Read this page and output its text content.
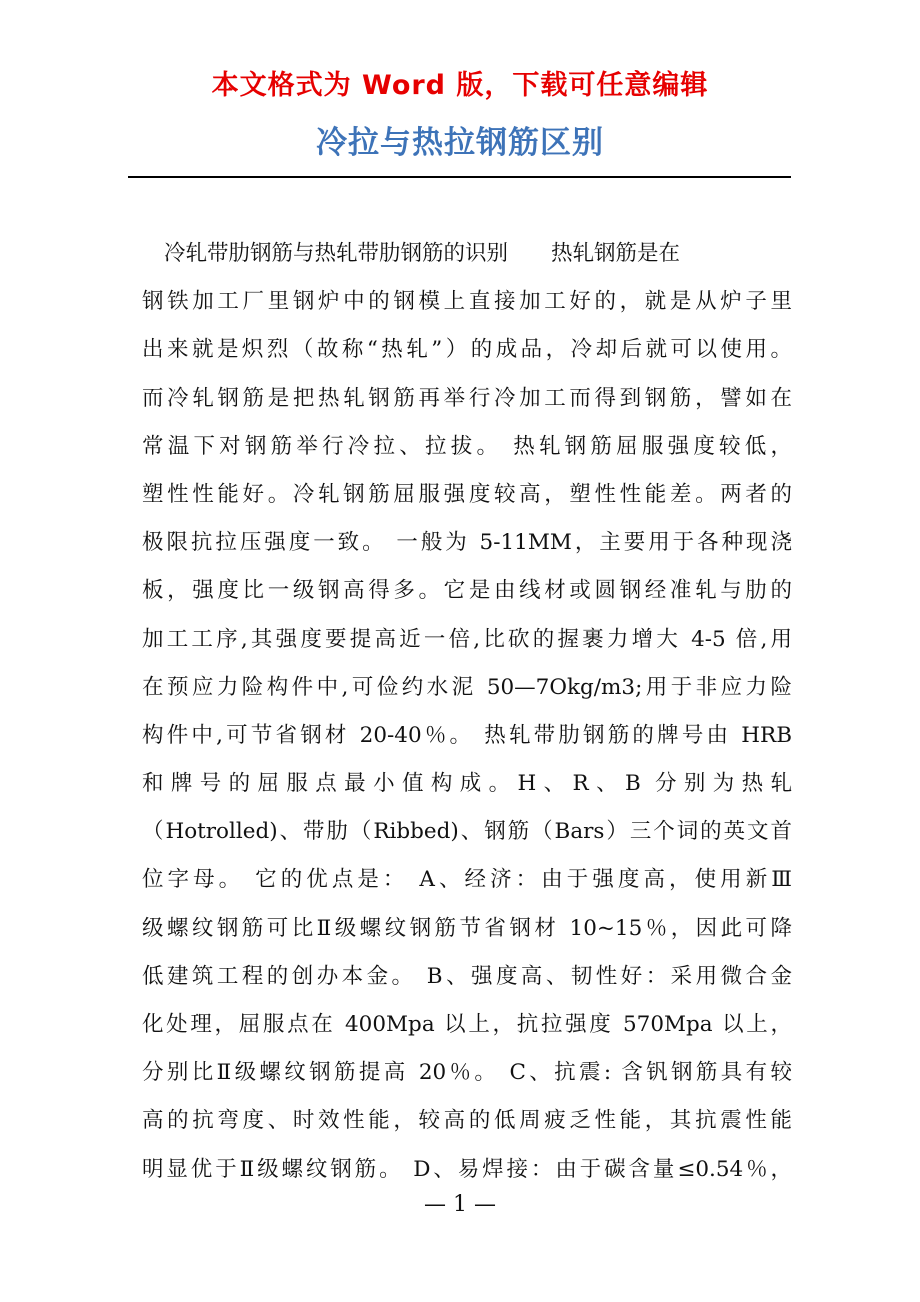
本文格式为 Word 版，下载可任意编辑
冷拉与热拉钢筋区别
冷轧带肋钢筋与热轧带肋钢筋的识别　　热轧钢筋是在
钢铁加工厂里钢炉中的钢模上直接加工好的，就是从炉子里
出来就是炽烈（故称“热轧”）的成品，冷却后就可以使用。
而冷轧钢筋是把热轧钢筋再举行冷加工而得到钢筋，譬如在
常温下对钢筋举行冷拉、拉拔。 热轧钢筋屈服强度较低，
塑性性能好。冷轧钢筋屈服强度较高，塑性性能差。两者的
极限抗拉压强度一致。 一般为 5-11MM，主要用于各种现浇
板，强度比一级钢高得多。它是由线材或圆钢经准轧与肋的
加工工序,其强度要提高近一倍,比砍的握裹力增大 4-5 倍,用
在预应力险构件中,可俭约水泥 50—7Okg/m3;用于非应力险
构件中,可节省钢材 20-40％。 热轧带肋钢筋的牌号由 HRB
和牌号的屈服点最小值构成。H、R、B 分别为热轧
（Hotrolled)、带肋（Ribbed)、钢筋（Bars）三个词的英文首
位字母。 它的优点是： A、经济：由于强度高，使用新Ⅲ
级螺纹钢筋可比Ⅱ级螺纹钢筋节省钢材 10~15％，因此可降
低建筑工程的创办本金。 B、强度高、韧性好：采用微合金
化处理，屈服点在 400Mpa 以上，抗拉强度 570Mpa 以上，
分别比Ⅱ级螺纹钢筋提高 20％。 C、抗震: 含钒钢筋具有较
高的抗弯度、时效性能，较高的低周疲乏性能，其抗震性能
明显优于Ⅱ级螺纹钢筋。 D、易焊接：由于碳含量≤0.54％，
— 1 —
